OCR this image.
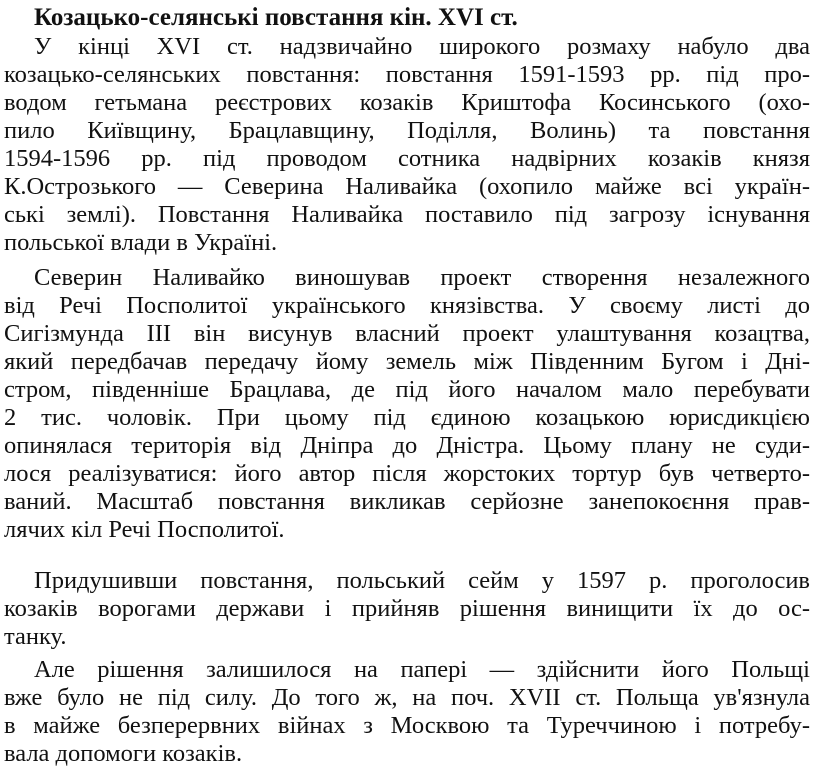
Козацько-селянські повстання кін. XVI ст.

У кінці XVI ст. надзвичайно широкого розмаху набуло два

козацько-селянських повстання: повстання 1591-1593 рр. під про-

водом гетьмана реєстрових козаків Криштофа Косинського (охо-

пило Київщину, Брацлавщину, Поділля, Волинь) та повстання

1594-1596 рр. під проводом сотника надвірних козаків князя

К.Острозького — Северина Наливайка (охопило майже всі україн-

ські землі). Повстання Наливайка поставило під загрозу існування

польської влади в Україні.

Северин Наливайко виношував проект створення незалежного

від Речі Посполитої українського князівства. У своєму листі до

Сигізмунда III він висунув власний проект улаштування козацтва,

який передбачав передачу йому земель між Південним Бугом і Дні-

стром, південніше Брацлава, де під його началом мало перебувати

2 тис. чоловік. При цьому під єдиною козацькою юрисдикцією

опинялася територія від Дніпра до Дністра. Цьому плану не суди-

лося реалізуватися: його автор після жорстоких тортур був четверто-

ваний. Масштаб повстання викликав серйозне занепокоєння прав-

лячих кіл Речі Посполитої.

Придушивши повстання, польський сейм у 1597 р. проголосив

козаків ворогами держави і прийняв рішення винищити їх до ос-

танку.

Але рішення залишилося на папері — здійснити його Польщі

вже було не під силу. До того ж, на поч. XVII ст. Польща ув'язнула

в майже безперервних війнах з Москвою та Туреччиною і потребу-

вала допомоги козаків.
